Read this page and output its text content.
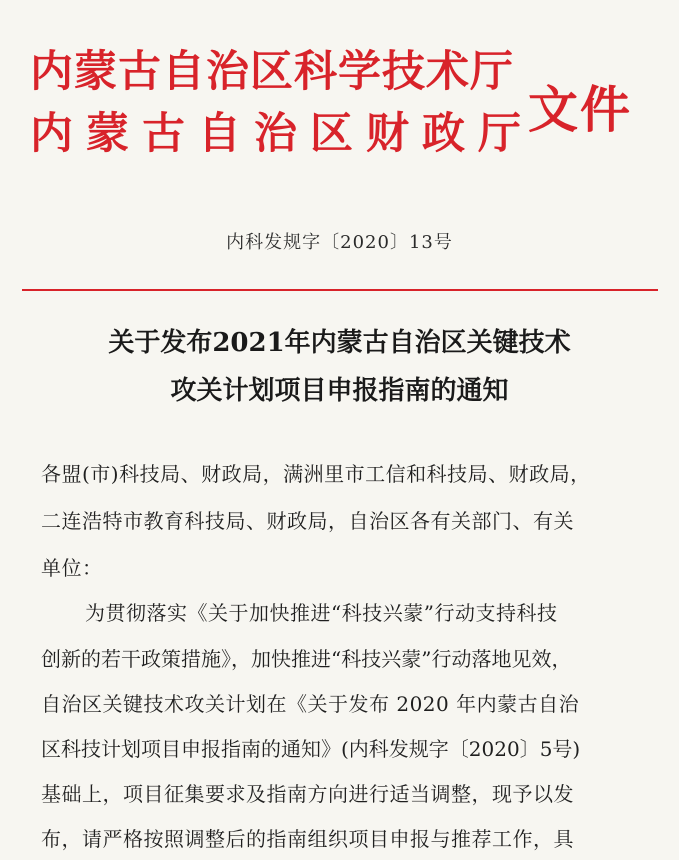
内蒙古自治区科学技术厅
内蒙古自治区财政厅
文件
内科发规字〔2020〕13号
关于发布2021年内蒙古自治区关键技术
攻关计划项目申报指南的通知
各盟(市)科技局、财政局，满洲里市工信和科技局、财政局，
二连浩特市教育科技局、财政局，自治区各有关部门、有关
单位：
为贯彻落实《关于加快推进“科技兴蒙”行动支持科技
创新的若干政策措施》，加快推进“科技兴蒙”行动落地见效，
自治区关键技术攻关计划在《关于发布 2020 年内蒙古自治
区科技计划项目申报指南的通知》(内科发规字〔2020〕5号)
基础上，项目征集要求及指南方向进行适当调整，现予以发
布，请严格按照调整后的指南组织项目申报与推荐工作，具
